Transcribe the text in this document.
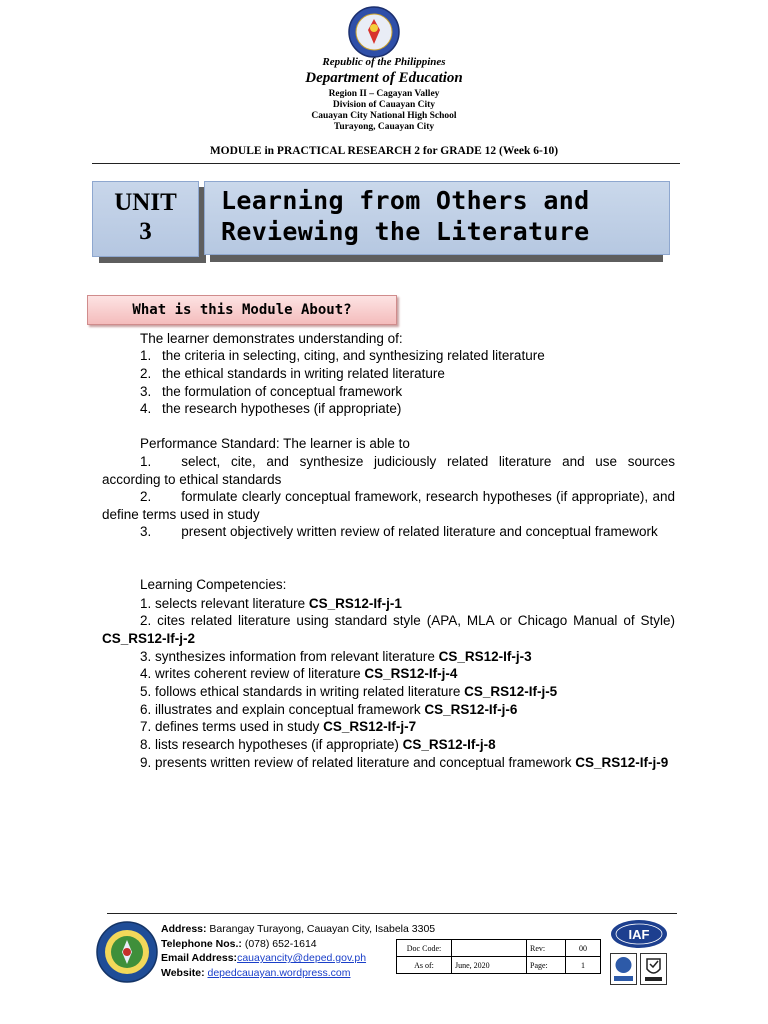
Republic of the Philippines
Department of Education
Region II – Cagayan Valley
Division of Cauayan City
Cauayan City National High School
Turayong, Cauayan City
MODULE in PRACTICAL RESEARCH 2 for GRADE 12 (Week 6-10)
UNIT
3
Learning from Others and
Reviewing the Literature
What is this Module About?
The learner demonstrates understanding of:
1. the criteria in selecting, citing, and synthesizing related literature
2. the ethical standards in writing related literature
3. the formulation of conceptual framework
4. the research hypotheses (if appropriate)
Performance Standard: The learner is able to
1. select, cite, and synthesize judiciously related literature and use sources according to ethical standards
2. formulate clearly conceptual framework, research hypotheses (if appropriate), and define terms used in study
3. present objectively written review of related literature and conceptual framework
Learning Competencies:
1. selects relevant literature CS_RS12-If-j-1
2. cites related literature using standard style (APA, MLA or Chicago Manual of Style) CS_RS12-If-j-2
3. synthesizes information from relevant literature CS_RS12-If-j-3
4. writes coherent review of literature CS_RS12-If-j-4
5. follows ethical standards in writing related literature CS_RS12-If-j-5
6. illustrates and explain conceptual framework CS_RS12-If-j-6
7. defines terms used in study CS_RS12-If-j-7
8. lists research hypotheses (if appropriate) CS_RS12-If-j-8
9. presents written review of related literature and conceptual framework CS_RS12-If-j-9
Address: Barangay Turayong, Cauayan City, Isabela 3305
Telephone Nos.: (078) 652-1614
Email Address:cauayancity@deped.gov.ph
Website: depedcauayan.wordpress.com
Doc Code:		Rev:	00
As of:	June, 2020	Page:	1
IAF
